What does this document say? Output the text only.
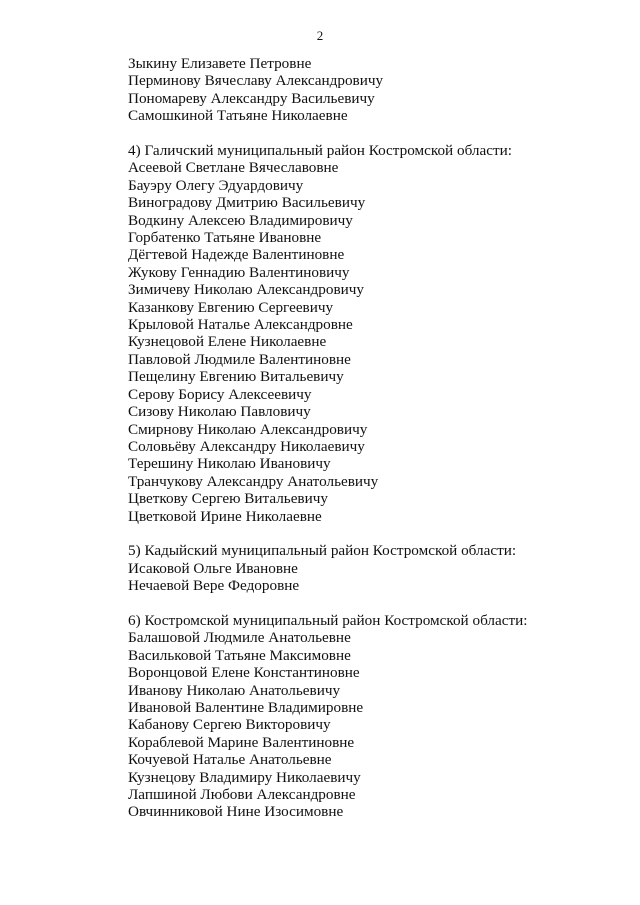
2
Зыкину Елизавете Петровне
Перминову Вячеславу Александровичу
Пономареву Александру Васильевичу
Самошкиной Татьяне Николаевне
4) Галичский муниципальный район Костромской области:
Асеевой Светлане Вячеславовне
Бауэру Олегу Эдуардовичу
Виноградову Дмитрию Васильевичу
Водкину Алексею Владимировичу
Горбатенко Татьяне Ивановне
Дёгтевой Надежде Валентиновне
Жукову Геннадию Валентиновичу
Зимичеву Николаю Александровичу
Казанкову Евгению Сергеевичу
Крыловой Наталье Александровне
Кузнецовой Елене Николаевне
Павловой Людмиле Валентиновне
Пещелину Евгению Витальевичу
Серову Борису Алексеевичу
Сизову Николаю Павловичу
Смирнову Николаю Александровичу
Соловьёву Александру Николаевичу
Терешину Николаю Ивановичу
Транчукову Александру Анатольевичу
Цветкову Сергею Витальевичу
Цветковой Ирине Николаевне
5) Кадыйский муниципальный район Костромской области:
Исаковой Ольге Ивановне
Нечаевой Вере Федоровне
6) Костромской муниципальный район Костромской области:
Балашовой Людмиле Анатольевне
Васильковой Татьяне Максимовне
Воронцовой Елене Константиновне
Иванову Николаю Анатольевичу
Ивановой Валентине Владимировне
Кабанову Сергею Викторовичу
Кораблевой Марине Валентиновне
Кочуевой Наталье Анатольевне
Кузнецову Владимиру Николаевичу
Лапшиной Любови Александровне
Овчинниковой Нине Изосимовне
